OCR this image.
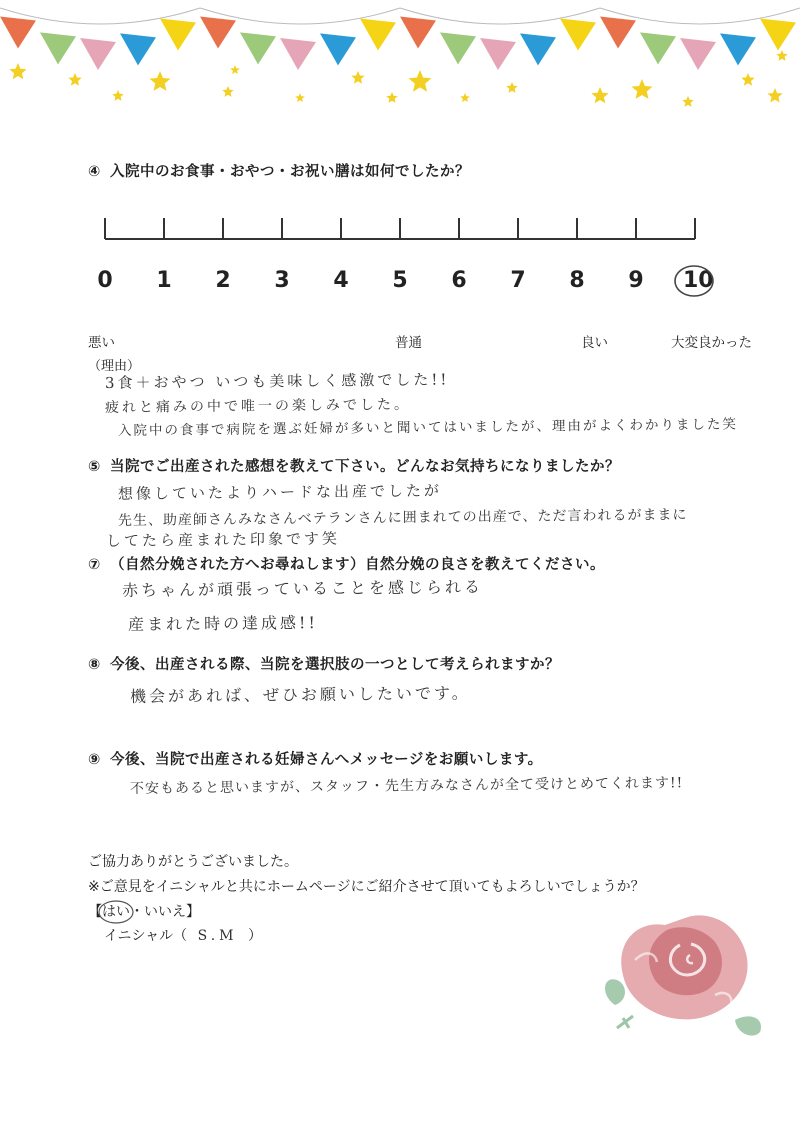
④ 入院中のお食事・おやつ・お祝い膳は如何でしたか？
0	1	2	3	4	5	6	7	8	9	10
悪い	普通	良い	大変良かった
（理由）
3食＋おやつ いつも美味しく感激でした!!
疲れと痛みの中で唯一の楽しみでした。
入院中の食事で病院を選ぶ妊婦が多いと聞いてはいましたが、理由がよくわかりました笑
⑤ 当院でご出産された感想を教えて下さい。どんなお気持ちになりましたか？
想像していたよりハードな出産でしたが
先生、助産師さんみなさんベテランさんに囲まれての出産で、ただ言われるがままに
してたら産まれた印象です笑
⑦ （自然分娩された方へお尋ねします）自然分娩の良さを教えてください。
赤ちゃんが頑張っていることを感じられる
産まれた時の達成感!!
⑧ 今後、出産される際、当院を選択肢の一つとして考えられますか？
機会があれば、ぜひお願いしたいです。
⑨ 今後、当院で出産される妊婦さんへメッセージをお願いします。
不安もあると思いますが、スタッフ・先生方みなさんが全て受けとめてくれます!!
ご協力ありがとうございました。
※ご意見をイニシャルと共にホームページにご紹介させて頂いてもよろしいでしょうか？
【はい
・いいえ】
イニシャル（ S.M ）
